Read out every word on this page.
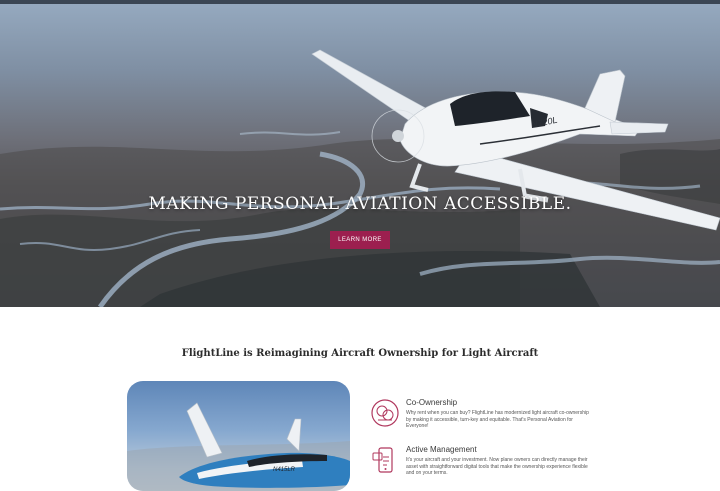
N720L
MAKING PERSONAL AVIATION ACCESSIBLE.
LEARN MORE
FlightLine is Reimagining Aircraft Ownership for Light Aircraft
N415LR
Co-Ownership

Why rent when you can buy? FlightLine has modernized light aircraft co-ownership by making it accessible, turn-key and equitable. That's Personal Aviation for Everyone!

Active Management

It's your aircraft and your investment. Now plane owners can directly manage their asset with straightforward digital tools that make the ownership experience flexible and on your terms.
